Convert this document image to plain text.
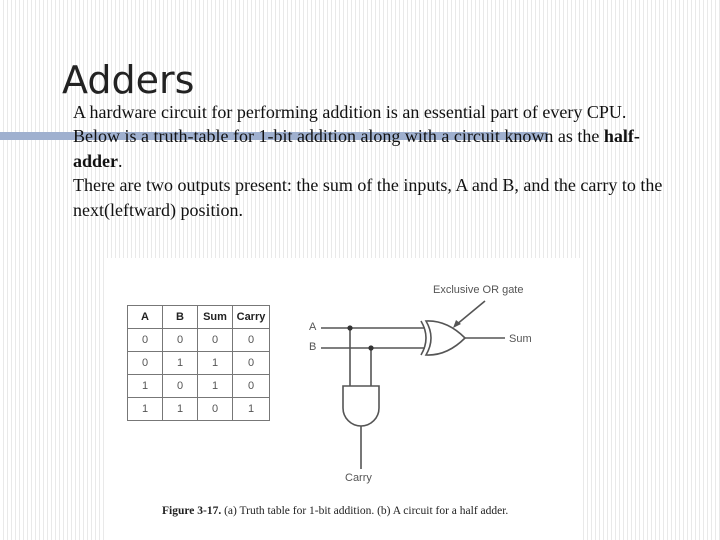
Adders

A hardware circuit for performing addition is an essential part of every CPU.

Below is a truth-table for 1-bit addition along with a circuit known as the half-adder.

There are two outputs present: the sum of the inputs, A and B, and the carry to the next(leftward) position.

A	B	Sum	Carry
0	0	0	0
0	1	1	0
1	0	1	0
1	1	0	1
Exclusive OR gate
A
B
Sum
Carry
Figure 3-17. (a) Truth table for 1-bit addition. (b) A circuit for a half adder.
